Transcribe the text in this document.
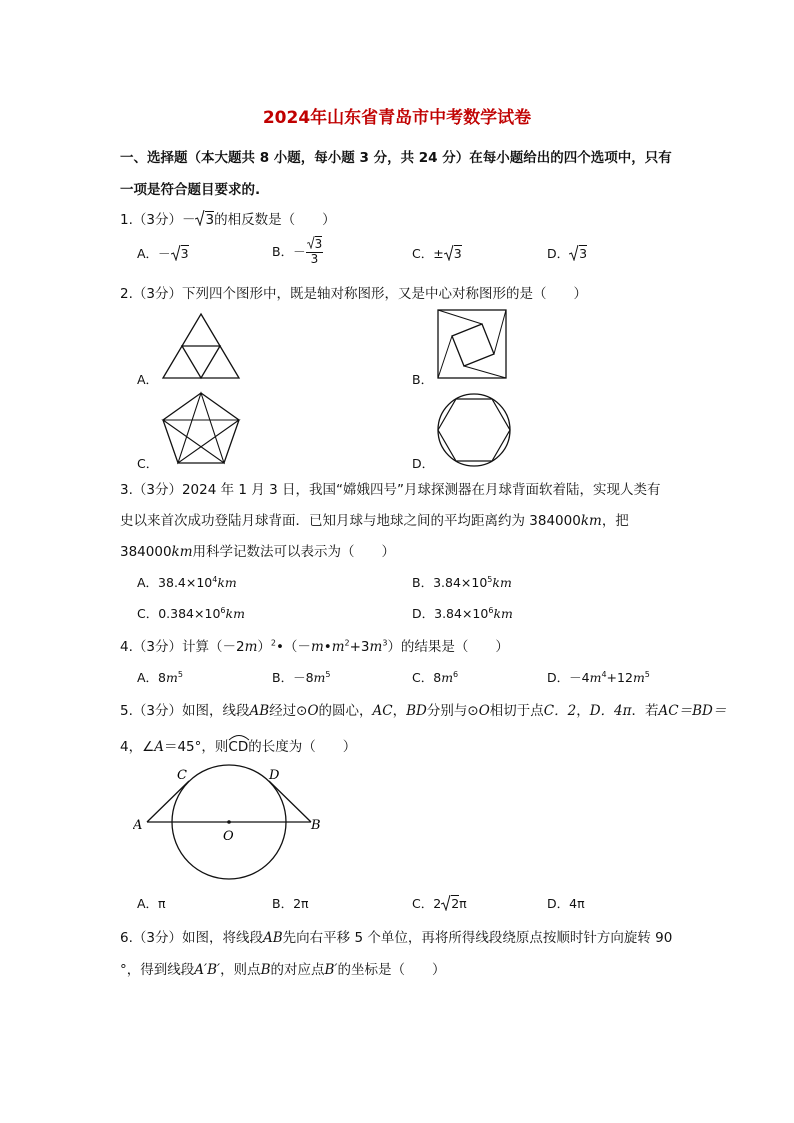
2024年山东省青岛市中考数学试卷
一、选择题（本大题共 8 小题，每小题 3 分，共 24 分）在每小题给出的四个选项中，只有
一项是符合题目要求的.
1.（3分）－ 3的相反数是（　　）
A．－ 3	B．－ $\frac{3}{3}$	C．± 3	D． 3
2.（3分）下列四个图形中，既是轴对称图形，又是中心对称图形的是（　　）
A．	B．
C．	D．
3.（3分）2024 年 1 月 3 日，我国“嫦娥四号”月球探测器在月球背面软着陆，实现人类有
史以来首次成功登陆月球背面．已知月球与地球之间的平均距离约为 384000km，把
384000km用科学记数法可以表示为（　　）
A．$38.4\times 10^4km$	B．$3.84\times 10^5km$
C．$0.384\times 10^6km$	D．$3.84\times 10^6km$
4.（3分）计算$(-2m)^2•(-m•m^2+3m^3)$的结果是（　　）
A．$8m^5$	B．$-8m^5$	C．$8m^6$	D．$-4m^4+12m^5$
5.（3分）如图，线段AB经过⊙O的圆心，AC，BD分别与⊙O相切于点C．2，D．4π．若AC＝BD＝
4，∠A＝45°，则
CD的长度为（　　）
A	B
C	D
O
A．π	B．2π	C．2 2π	D．4π
6.（3分）如图，将线段AB先向右平移 5 个单位，再将所得线段绕原点按顺时针方向旋转 90
°，得到线段A′B′，则点B的对应点B′的坐标是（　　）
